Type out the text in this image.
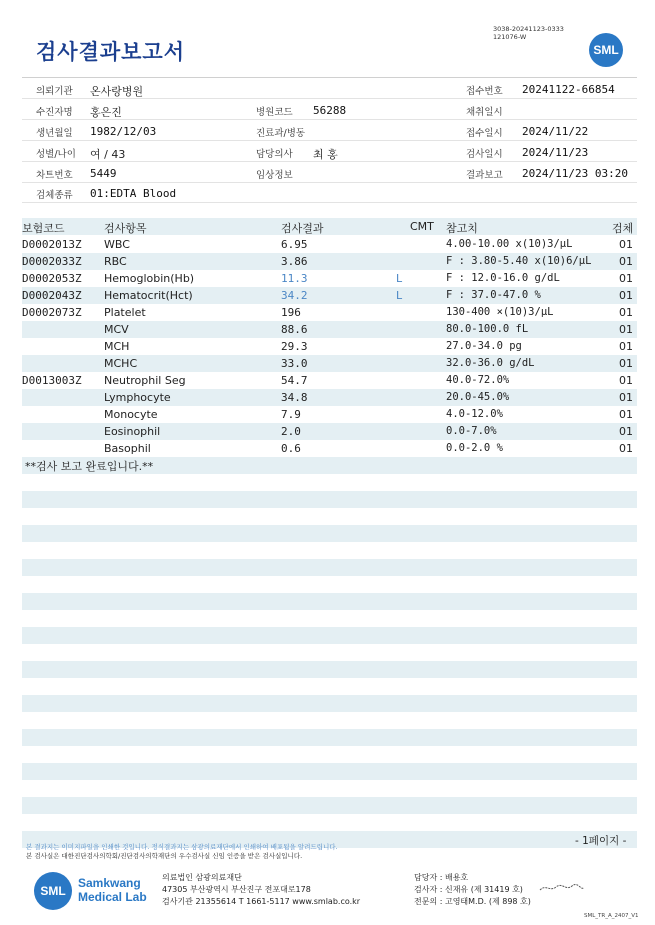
검사결과보고서
3038-20241123-0333
121076-W
SML
의뢰기관 온사랑병원	접수번호 20241122-66854
수진자명 홍은진	병원코드 56288	채취일시
생년월일 1982/12/03	진료과/병동	접수일시 2024/11/22
성별/나이 여 / 43	담당의사 최 홍	검사일시 2024/11/23
차트번호 5449	임상정보	결과보고 2024/11/23 03:20
검체종류 01:EDTA Blood
보험코드	검사항목	검사결과	CMT 참고치	검체
D0002013Z WBC	6.95	4.00-10.00 x(10)3/μL	01
D0002033Z RBC	3.86	F : 3.80-5.40 x(10)6/μL	01
D0002053Z Hemoglobin(Hb)	11.3	L	F : 12.0-16.0 g/dL	01
D0002043Z Hematocrit(Hct)	34.2	L	F : 37.0-47.0 %	01
D0002073Z Platelet	196	130-400 ×(10)3/μL	01
MCV	88.6	80.0-100.0 fL	01
MCH	29.3	27.0-34.0 pg	01
MCHC	33.0	32.0-36.0 g/dL	01
D0013003Z Neutrophil Seg	54.7	40.0-72.0%	01
Lymphocyte	34.8	20.0-45.0%	01
Monocyte	7.9	4.0-12.0%	01
Eosinophil	2.0	0.0-7.0%	01
Basophil	0.6	0.0-2.0 %	01
**검사 보고 완료입니다.**
- 1페이지 -
본 결과지는 이미지파일을 인쇄한 것입니다. 정식결과지는 삼광의료재단에서 인쇄하여 배포됨을 알려드립니다.
본 검사실은 대한진단검사의학회/진단검사의학재단의 우수검사실 신임 인증을 받은 검사실입니다.
SML
Samkwang
Medical Lab
의료법인 삼광의료재단
47305 부산광역시 부산진구 전포대로178
검사기관 21355614 T 1661-5117 www.smlab.co.kr
담당자 : 배용호
검사자 : 신재유 (제 31419 호)
전문의 : 고영태M.D. (제 898 호)
SML_TR_A_2407_V1
